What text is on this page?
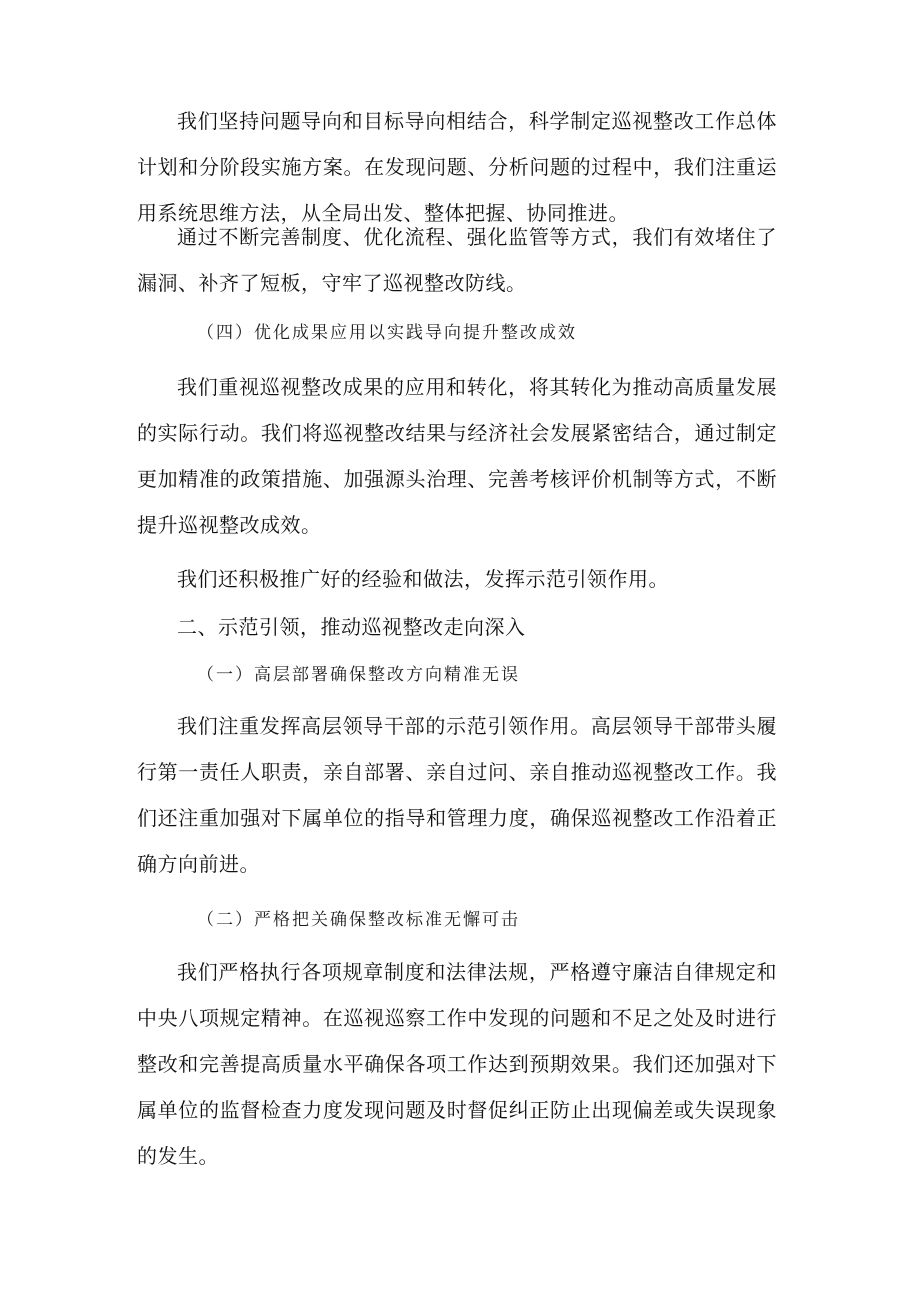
我们坚持问题导向和目标导向相结合，科学制定巡视整改工作总体计划和分阶段实施方案。在发现问题、分析问题的过程中，我们注重运用系统思维方法，从全局出发、整体把握、协同推进。

通过不断完善制度、优化流程、强化监管等方式，我们有效堵住了漏洞、补齐了短板，守牢了巡视整改防线。

（四）优化成果应用以实践导向提升整改成效

我们重视巡视整改成果的应用和转化，将其转化为推动高质量发展的实际行动。我们将巡视整改结果与经济社会发展紧密结合，通过制定更加精准的政策措施、加强源头治理、完善考核评价机制等方式，不断提升巡视整改成效。

我们还积极推广好的经验和做法，发挥示范引领作用。

二、示范引领，推动巡视整改走向深入

（一）高层部署确保整改方向精准无误

我们注重发挥高层领导干部的示范引领作用。高层领导干部带头履行第一责任人职责，亲自部署、亲自过问、亲自推动巡视整改工作。我们还注重加强对下属单位的指导和管理力度，确保巡视整改工作沿着正确方向前进。

（二）严格把关确保整改标准无懈可击

我们严格执行各项规章制度和法律法规，严格遵守廉洁自律规定和中央八项规定精神。在巡视巡察工作中发现的问题和不足之处及时进行整改和完善提高质量水平确保各项工作达到预期效果。我们还加强对下属单位的监督检查力度发现问题及时督促纠正防止出现偏差或失误现象的发生。
